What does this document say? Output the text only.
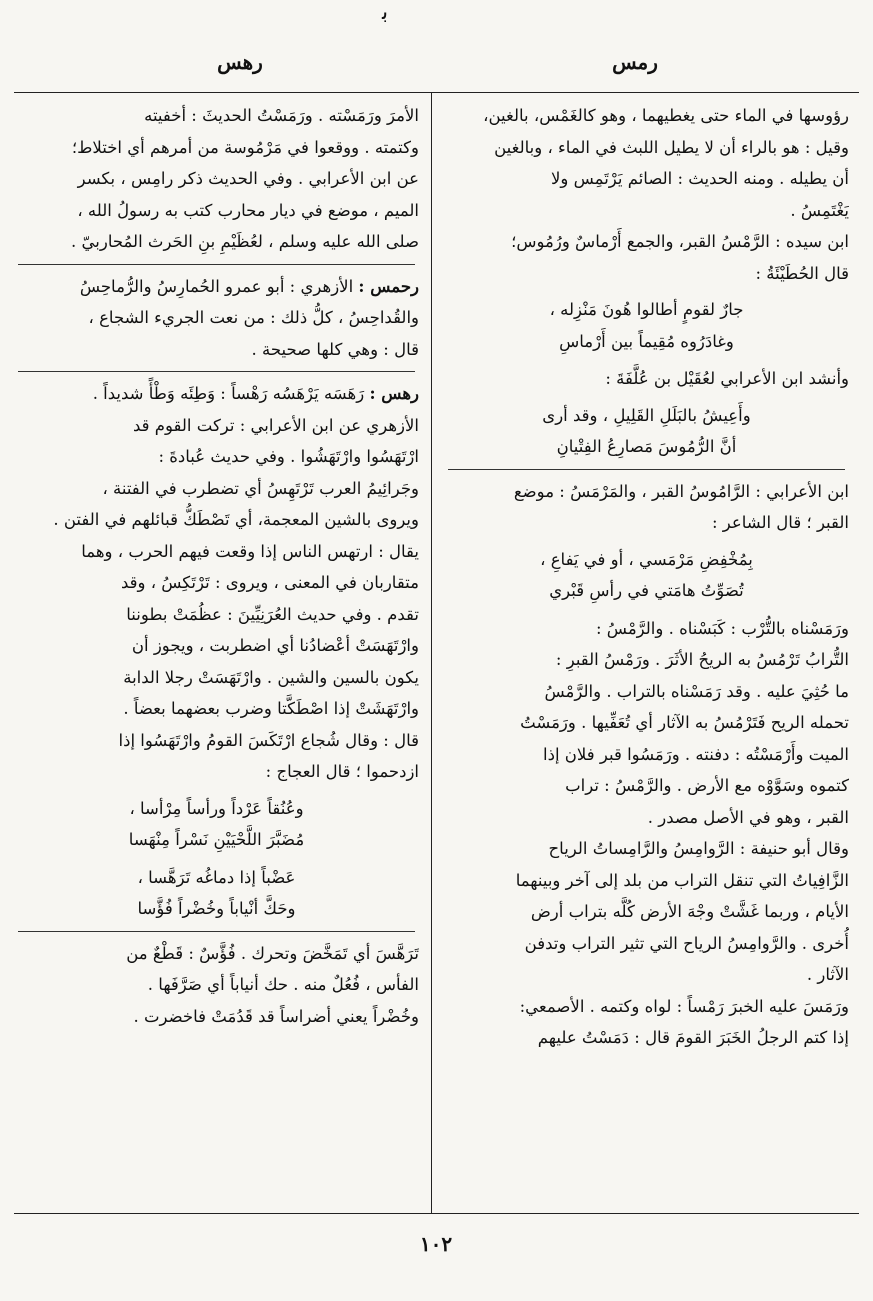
ﺑ
رمس
رهس

رؤوسها في الماء حتى يغطيهما ، وهو كالغَمْس، بالغين،

وقيل : هو بالراء أن لا يطيل اللبث في الماء ، وبالغين

أن يطيله . ومنه الحديث : الصائم يَرْتَمِس ولا

يَغْتَمِسُ .

ابن سيده : الرَّمْسُ القبر، والجمع أَرْماسٌ ورُمُوس؛

قال الحُطَيْئَةُ :

جارٌ لقومٍ أطالوا هُونَ مَنْزِله ،

وغادَرُوه مُقِيماً بين أَرْماسِ

وأنشد ابن الأعرابي لعُقَيْل بن عُلَّفَةَ :

وأَعِيشُ بالبَلَلِ القَلِيلِ ، وقد أرى

أنَّ الرُّمُوسَ مَصارِعُ الفِتْيانِ

ابن الأعرابي : الرَّامُوسُ القبر ، والمَرْمَسُ : موضع

القبر ؛ قال الشاعر :

بِمُخْفِضِ مَرْمَسي ، أو في يَفاعِ ،

تُصَوِّتُ هامَتي في رأسِ قَبْري

ورَمَسْناه بالتُّرْب : كَبَسْناه . والرَّمْسُ :

التُّرابُ تَرْمُسُ به الريحُ الأثَرَ . ورَمْسُ القبرِ :

ما حُثِيَ عليه . وقد رَمَسْناه بالتراب . والرَّمْسُ

تحمله الريح فَتَرْمُسُ به الآثار أي تُعَفِّيها . ورَمَسْتُ

الميت وأَرْمَسْتُه : دفنته . ورَمَسُوا قبر فلان إذا

كتموه وسَوَّوْه مع الأرض . والرَّمْسُ : تراب

القبر ، وهو في الأصل مصدر .

وقال أبو حنيفة : الرَّوامِسُ والرَّامِساتُ الرياح

الزَّافِياتُ التي تنقل التراب من بلد إلى آخر وبينهما

الأيام ، وربما غَشَّتْ وجْهَ الأرض كُلَّه بتراب أرض

أُخرى . والرَّوامِسُ الرياح التي تثير التراب وتدفن

الآثار .

ورَمَسَ عليه الخبرَ رَمْساً : لواه وكتمه . الأصمعي:

إذا كتم الرجلُ الخَبَرَ القومَ قال : دَمَسْتُ عليهم

الأمرَ ورَمَسْته . ورَمَسْتُ الحديثَ : أخفيته

وكتمته . ووقعوا في مَرْمُوسة من أمرهم أي اختلاط؛

عن ابن الأعرابي . وفي الحديث ذكر رامِس ، بكسر

الميم ، موضع في ديار محارب كتب به رسولُ الله ،

صلى الله عليه وسلم ، لعُظَيْمِ بنِ الحَرث المُحاربيّ .

رحمس : الأزهري : أبو عمرو الحُمارِسُ والرُّماحِسُ

والقُداحِسُ ، كلُّ ذلك : من نعت الجريء الشجاع ،

قال : وهي كلها صحيحة .

رهس : رَهَسَه يَرْهَسُه رَهْساً : وَطِئَه وَطْأً شديداً .

الأزهري عن ابن الأعرابي : تركت القوم قد

ارْتَهَسُوا وارْتَهَشُوا . وفي حديث عُبادةَ :

وجَرائِيمُ العرب تَرْتَهِسُ أي تضطرب في الفتنة ،

ويروى بالشين المعجمة، أي تَصْطَكُّ قبائلهم في الفتن .

يقال : ارتهس الناس إذا وقعت فيهم الحرب ، وهما

متقاربان في المعنى ، ويروى : تَرْتَكِسُ ، وقد

تقدم . وفي حديث العُرَنِيِّينَ : عظُمَتْ بطوننا

وارْتَهَسَتْ أعْضادُنا أي اضطربت ، ويجوز أن

يكون بالسين والشين . وارْتَهَسَتْ رجلا الدابة

وارْتَهَشَتْ إذا اصْطَكَّتا وضرب بعضهما بعضاً .

قال : وقال شُجاع ارْتَكَسَ القومُ وارْتَهَسُوا إذا

ازدحموا ؛ قال العجاج :

وعُنُقاً عَرْداً ورأساً مِرْأسا ،

مُضَبَّرَ اللَّحْيَيْنِ نَسْراً مِنْهَسا

عَضْباً إذا دماغُه تَرَهَّسا ،

وحَكَّ أنْياباً وخُضْراً فُؤَّسا

تَرَهَّسَ أي تَمَخَّضَ وتحرك . فُؤَّسٌ : قَطْعٌ من

الفأس ، فُعُلٌ منه . حك أنياباً أي صَرَّفَها .

وخُضْراً يعني أضراساً قد قَدُمَتْ فاخضرت .

١٠٢
